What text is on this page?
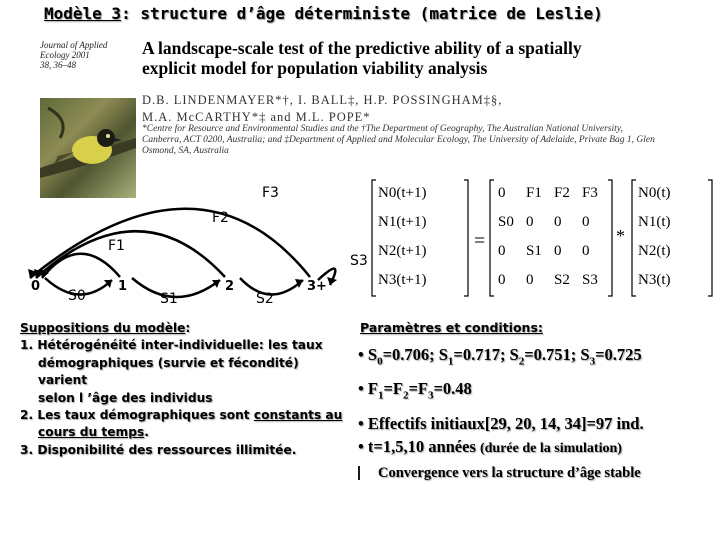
Modèle 3: structure d’âge déterministe (matrice de Leslie)
Journal of Applied
Ecology 2001
38, 36–48
A landscape-scale test of the predictive ability of a spatially
explicit model for population viability analysis
D.B. LINDENMAYER*†, I. BALL‡, H.P. POSSINGHAM‡§,
M.A. McCARTHY*‡ and M.L. POPE*
*Centre for Resource and Environmental Studies and the †The Department of Geography, The Australian National University, Canberra, ACT 0200, Australia; and ‡Department of Applied and Molecular Ecology, The University of Adelaide, Private Bag 1, Glen Osmond, SA, Australia
0	1	2	3+
S0	S1	S2
S3
F1
F2
F3	N0(t+1)
N1(t+1)
N2(t+1)
N3(t+1)
=
0 F1 F2 F3
S0 0 0 0
0 S1 0 0
0 0 S2 S3
*
N0(t)
N1(t)
N2(t)
N3(t)
Suppositions du modèle:
1. Hétérogénéité inter-individuelle: les taux
démographiques (survie et fécondité) varient
selon l ’âge des individus
2. Les taux démographiques sont constants au
cours du temps.
3. Disponibilité des ressources illimitée.
Paramètres et conditions:
• $S_0=0.706$; $S_1=0.717$; $S_2=0.751$; $S_3=0.725$
• $F_1=F_2=F_3=0.48$
• Effectifs initiaux[29, 20, 14, 34]=97 ind.
• t=1,5,10 années (durée de la simulation)
Convergence vers la structure d’âge stable
